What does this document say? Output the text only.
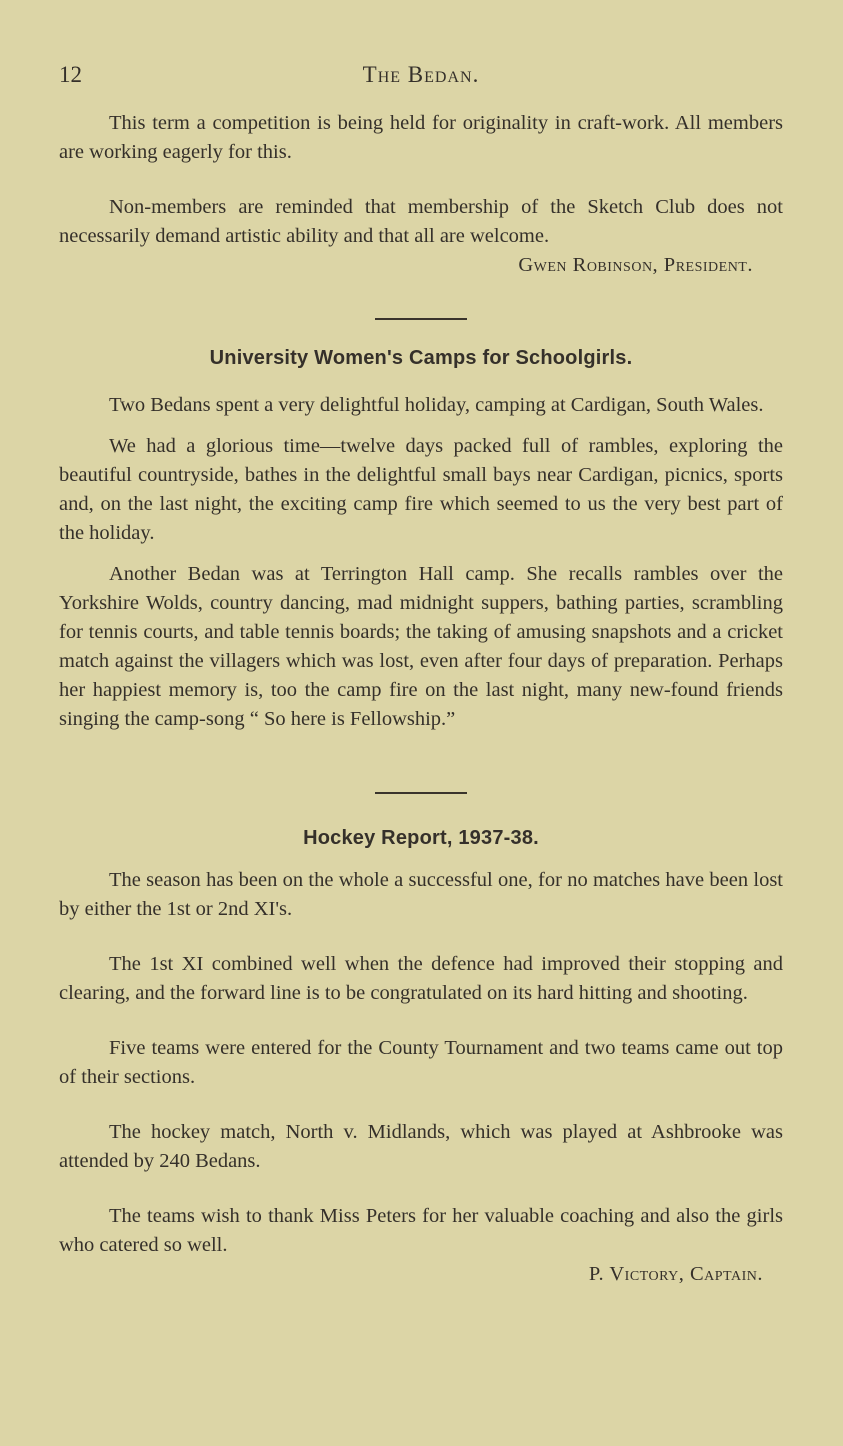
12	The Bedan.

This term a competition is being held for originality in craft-work. All members are working eagerly for this.

Non-members are reminded that membership of the Sketch Club does not necessarily demand artistic ability and that all are welcome.

Gwen Robinson, President.
University Women's Camps for Schoolgirls.

Two Bedans spent a very delightful holiday, camping at Cardigan, South Wales.

We had a glorious time—twelve days packed full of rambles, exploring the beautiful countryside, bathes in the delightful small bays near Cardigan, picnics, sports and, on the last night, the exciting camp fire which seemed to us the very best part of the holiday.

Another Bedan was at Terrington Hall camp. She recalls rambles over the Yorkshire Wolds, country dancing, mad midnight suppers, bathing parties, scrambling for tennis courts, and table tennis boards; the taking of amusing snapshots and a cricket match against the villagers which was lost, even after four days of preparation. Perhaps her happiest memory is, too the camp fire on the last night, many new-found friends singing the camp-song “ So here is Fellowship.”

Hockey Report, 1937-38.

The season has been on the whole a successful one, for no matches have been lost by either the 1st or 2nd XI's.

The 1st XI combined well when the defence had improved their stopping and clearing, and the forward line is to be congratulated on its hard hitting and shooting.

Five teams were entered for the County Tournament and two teams came out top of their sections.

The hockey match, North v. Midlands, which was played at Ashbrooke was attended by 240 Bedans.

The teams wish to thank Miss Peters for her valuable coaching and also the girls who catered so well.

P. Victory, Captain.
